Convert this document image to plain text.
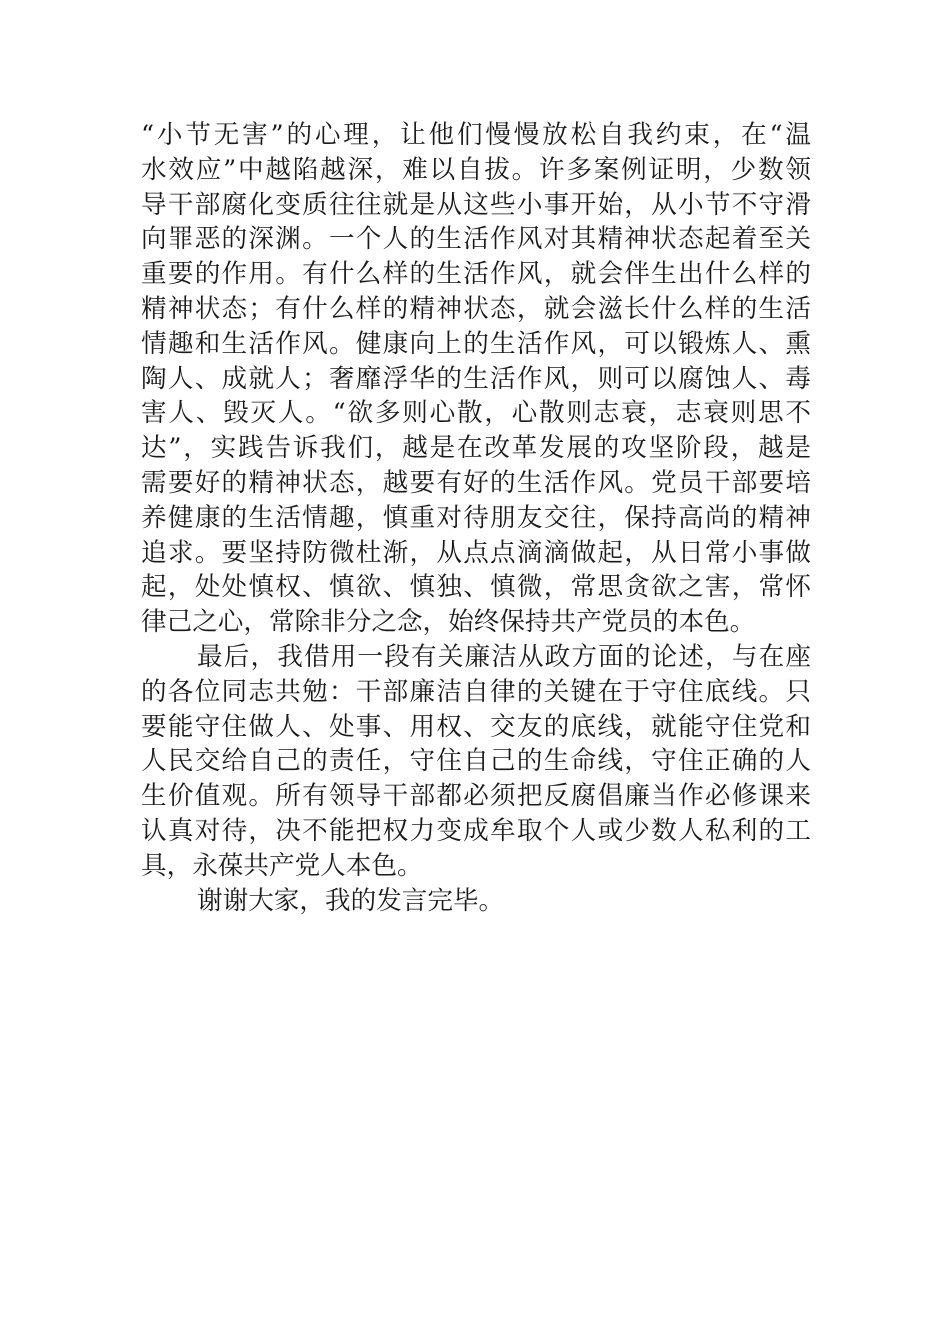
“小节无害”的心理，让他们慢慢放松自我约束，在“温
水效应”中越陷越深，难以自拔。许多案例证明，少数领
导干部腐化变质往往就是从这些小事开始，从小节不守滑
向罪恶的深渊。一个人的生活作风对其精神状态起着至关
重要的作用。有什么样的生活作风，就会伴生出什么样的
精神状态；有什么样的精神状态，就会滋长什么样的生活
情趣和生活作风。健康向上的生活作风，可以锻炼人、熏
陶人、成就人；奢靡浮华的生活作风，则可以腐蚀人、毒
害人、毁灭人。“欲多则心散，心散则志衰，志衰则思不
达”，实践告诉我们，越是在改革发展的攻坚阶段，越是
需要好的精神状态，越要有好的生活作风。党员干部要培
养健康的生活情趣，慎重对待朋友交往，保持高尚的精神
追求。要坚持防微杜渐，从点点滴滴做起，从日常小事做
起，处处慎权、慎欲、慎独、慎微，常思贪欲之害，常怀
律己之心，常除非分之念，始终保持共产党员的本色。
最后，我借用一段有关廉洁从政方面的论述，与在座
的各位同志共勉：干部廉洁自律的关键在于守住底线。只
要能守住做人、处事、用权、交友的底线，就能守住党和
人民交给自己的责任，守住自己的生命线，守住正确的人
生价值观。所有领导干部都必须把反腐倡廉当作必修课来
认真对待，决不能把权力变成牟取个人或少数人私利的工
具，永葆共产党人本色。
谢谢大家，我的发言完毕。
